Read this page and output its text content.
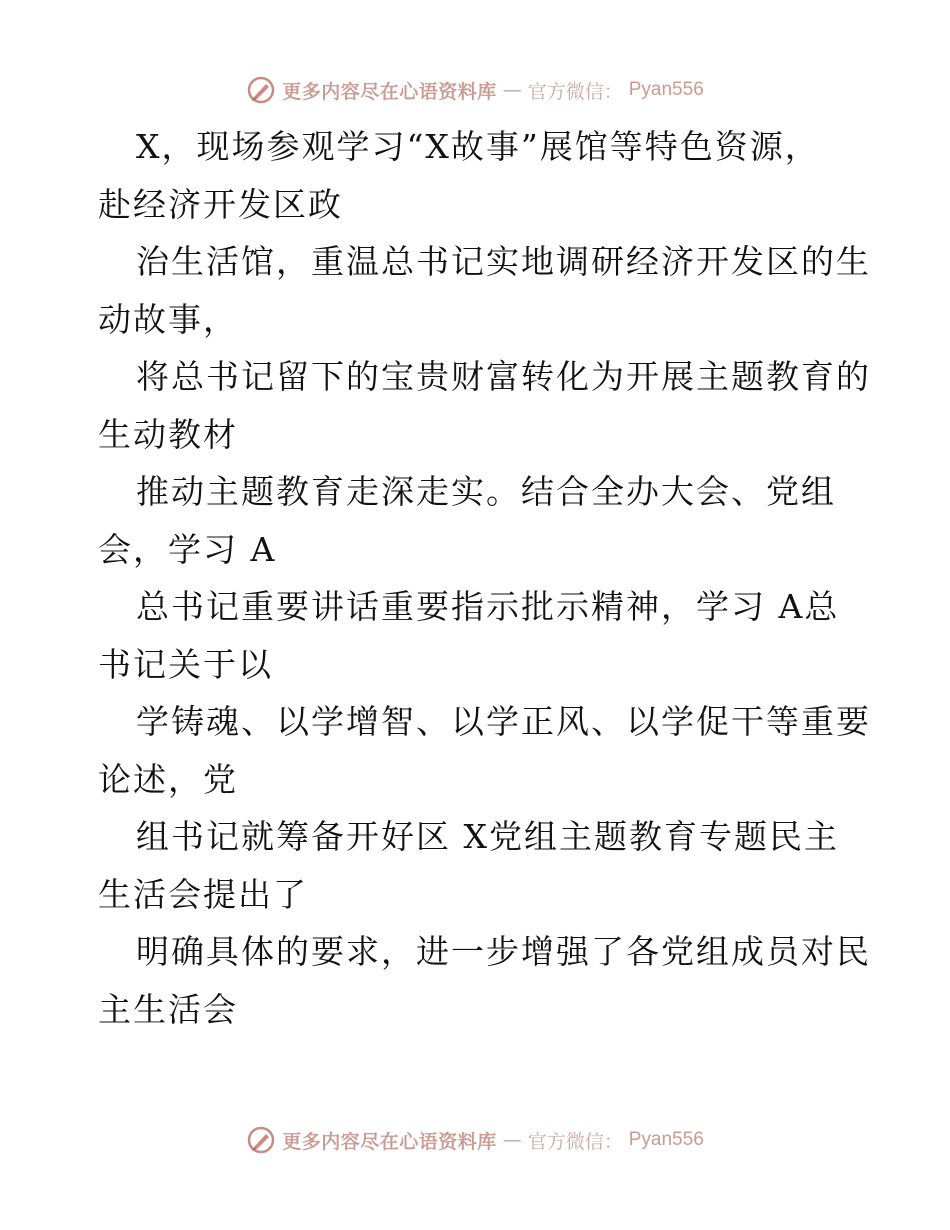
更多内容尽在心语资料库 — 官方微信： Pyan556
X，现场参观学习“X故事”展馆等特色资源，
赴经济开发区政
治生活馆，重温总书记实地调研经济开发区的生
动故事，
将总书记留下的宝贵财富转化为开展主题教育的
生动教材
推动主题教育走深走实。结合全办大会、党组
会，学习 A
总书记重要讲话重要指示批示精神，学习 A总
书记关于以
学铸魂、以学增智、以学正风、以学促干等重要
论述，党
组书记就筹备开好区 X党组主题教育专题民主
生活会提出了
明确具体的要求，进一步增强了各党组成员对民
主生活会
更多内容尽在心语资料库 — 官方微信： Pyan556
